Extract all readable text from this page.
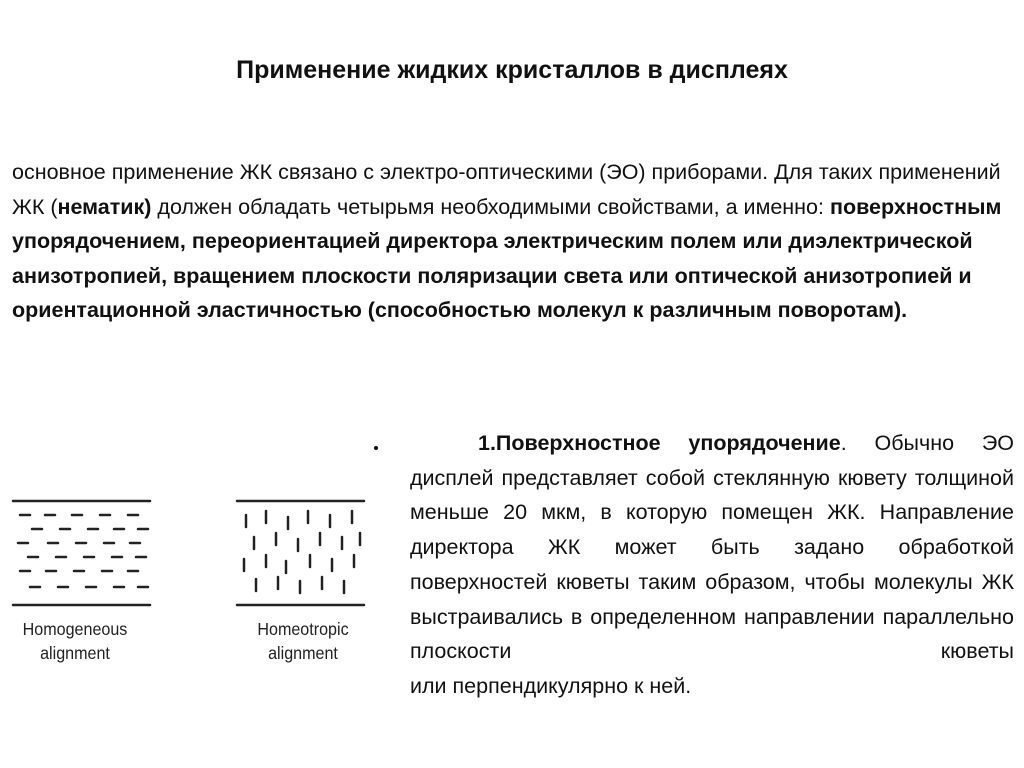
Применение жидких кристаллов в дисплеях

основное применение ЖК связано с электро-оптическими (ЭО) приборами. Для таких применений ЖК (нематик) должен обладать четырьмя необходимыми свойствами, а именно: поверхностным упорядочением, переориентацией директора электрическим полем или диэлектрической анизотропией, вращением плоскости поляризации света или оптической анизотропией и ориентационной эластичностью (способностью молекул к различным поворотам).

1.Поверхностное упорядочение. Обычно ЭО дисплей представляет собой стеклянную кювету толщиной меньше 20 мкм, в которую помещен ЖК. Направление директора ЖК может быть задано обработкой поверхностей кюветы таким образом, чтобы молекулы ЖК выстраивались в определенном направлении параллельно плоскости кюветы
или перпендикулярно к ней.

Homogeneous
alignment
Homeotropic
alignment
